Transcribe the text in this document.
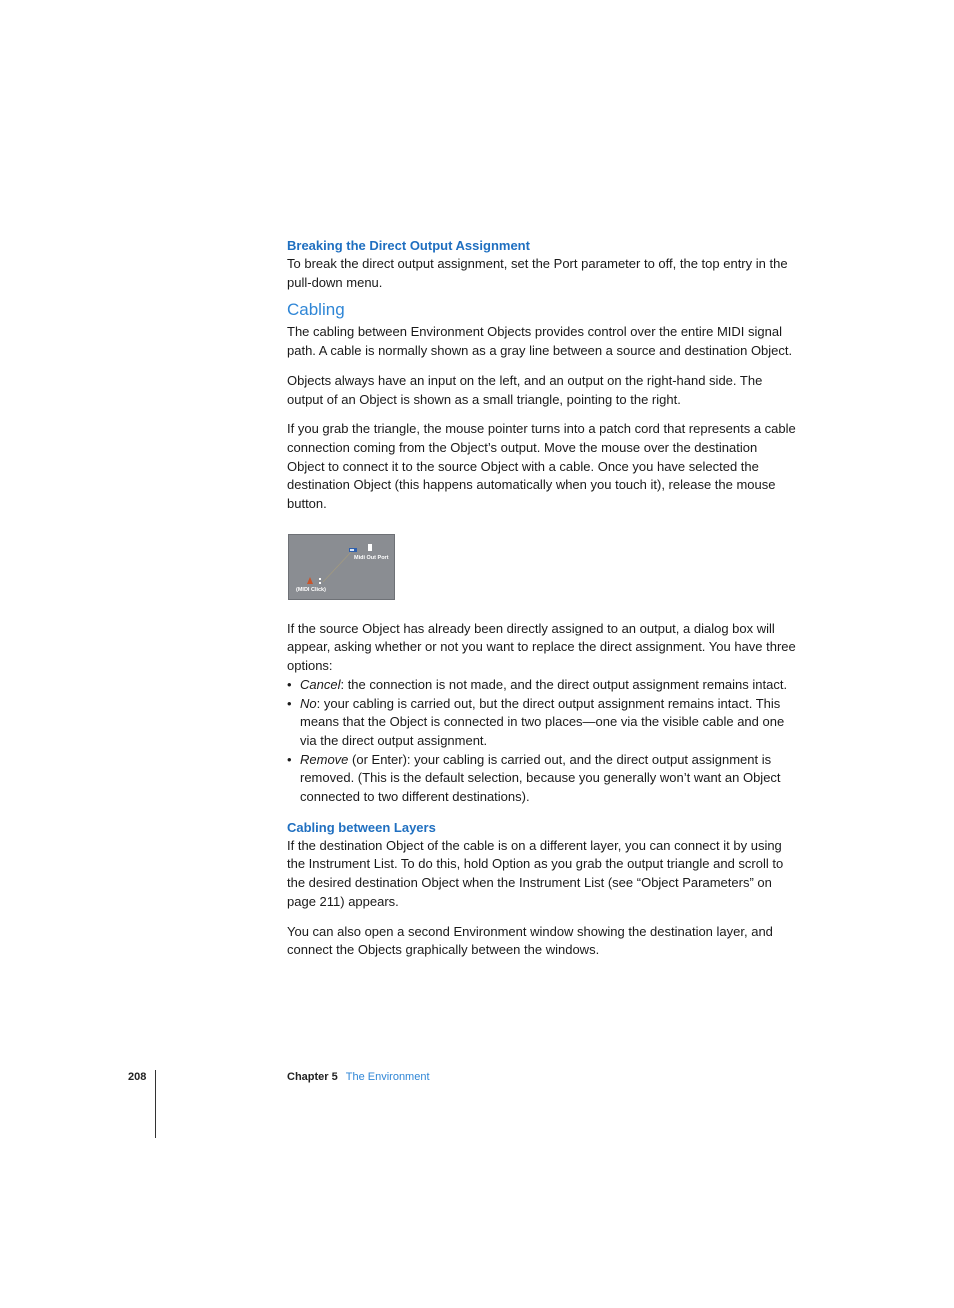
Breaking the Direct Output Assignment

To break the direct output assignment, set the Port parameter to off, the top entry in the pull-down menu.

Cabling

The cabling between Environment Objects provides control over the entire MIDI signal path. A cable is normally shown as a gray line between a source and destination Object.

Objects always have an input on the left, and an output on the right-hand side. The output of an Object is shown as a small triangle, pointing to the right.

If you grab the triangle, the mouse pointer turns into a patch cord that represents a cable connection coming from the Object’s output. Move the mouse over the destination Object to connect it to the source Object with a cable. Once you have selected the destination Object (this happens automatically when you touch it), release the mouse button.

Midi Out Port
(MIDI Click)

If the source Object has already been directly assigned to an output, a dialog box will appear, asking whether or not you want to replace the direct assignment. You have three options:

• Cancel: the connection is not made, and the direct output assignment remains intact.
• No: your cabling is carried out, but the direct output assignment remains intact. This means that the Object is connected in two places—one via the visible cable and one via the direct output assignment.
• Remove (or Enter): your cabling is carried out, and the direct output assignment is removed. (This is the default selection, because you generally won’t want an Object connected to two different destinations).
Cabling between Layers

If the destination Object of the cable is on a different layer, you can connect it by using the Instrument List. To do this, hold Option as you grab the output triangle and scroll to the desired destination Object when the Instrument List (see “Object Parameters” on page 211) appears.

You can also open a second Environment window showing the destination layer, and connect the Objects graphically between the windows.

208	Chapter 5 The Environment
